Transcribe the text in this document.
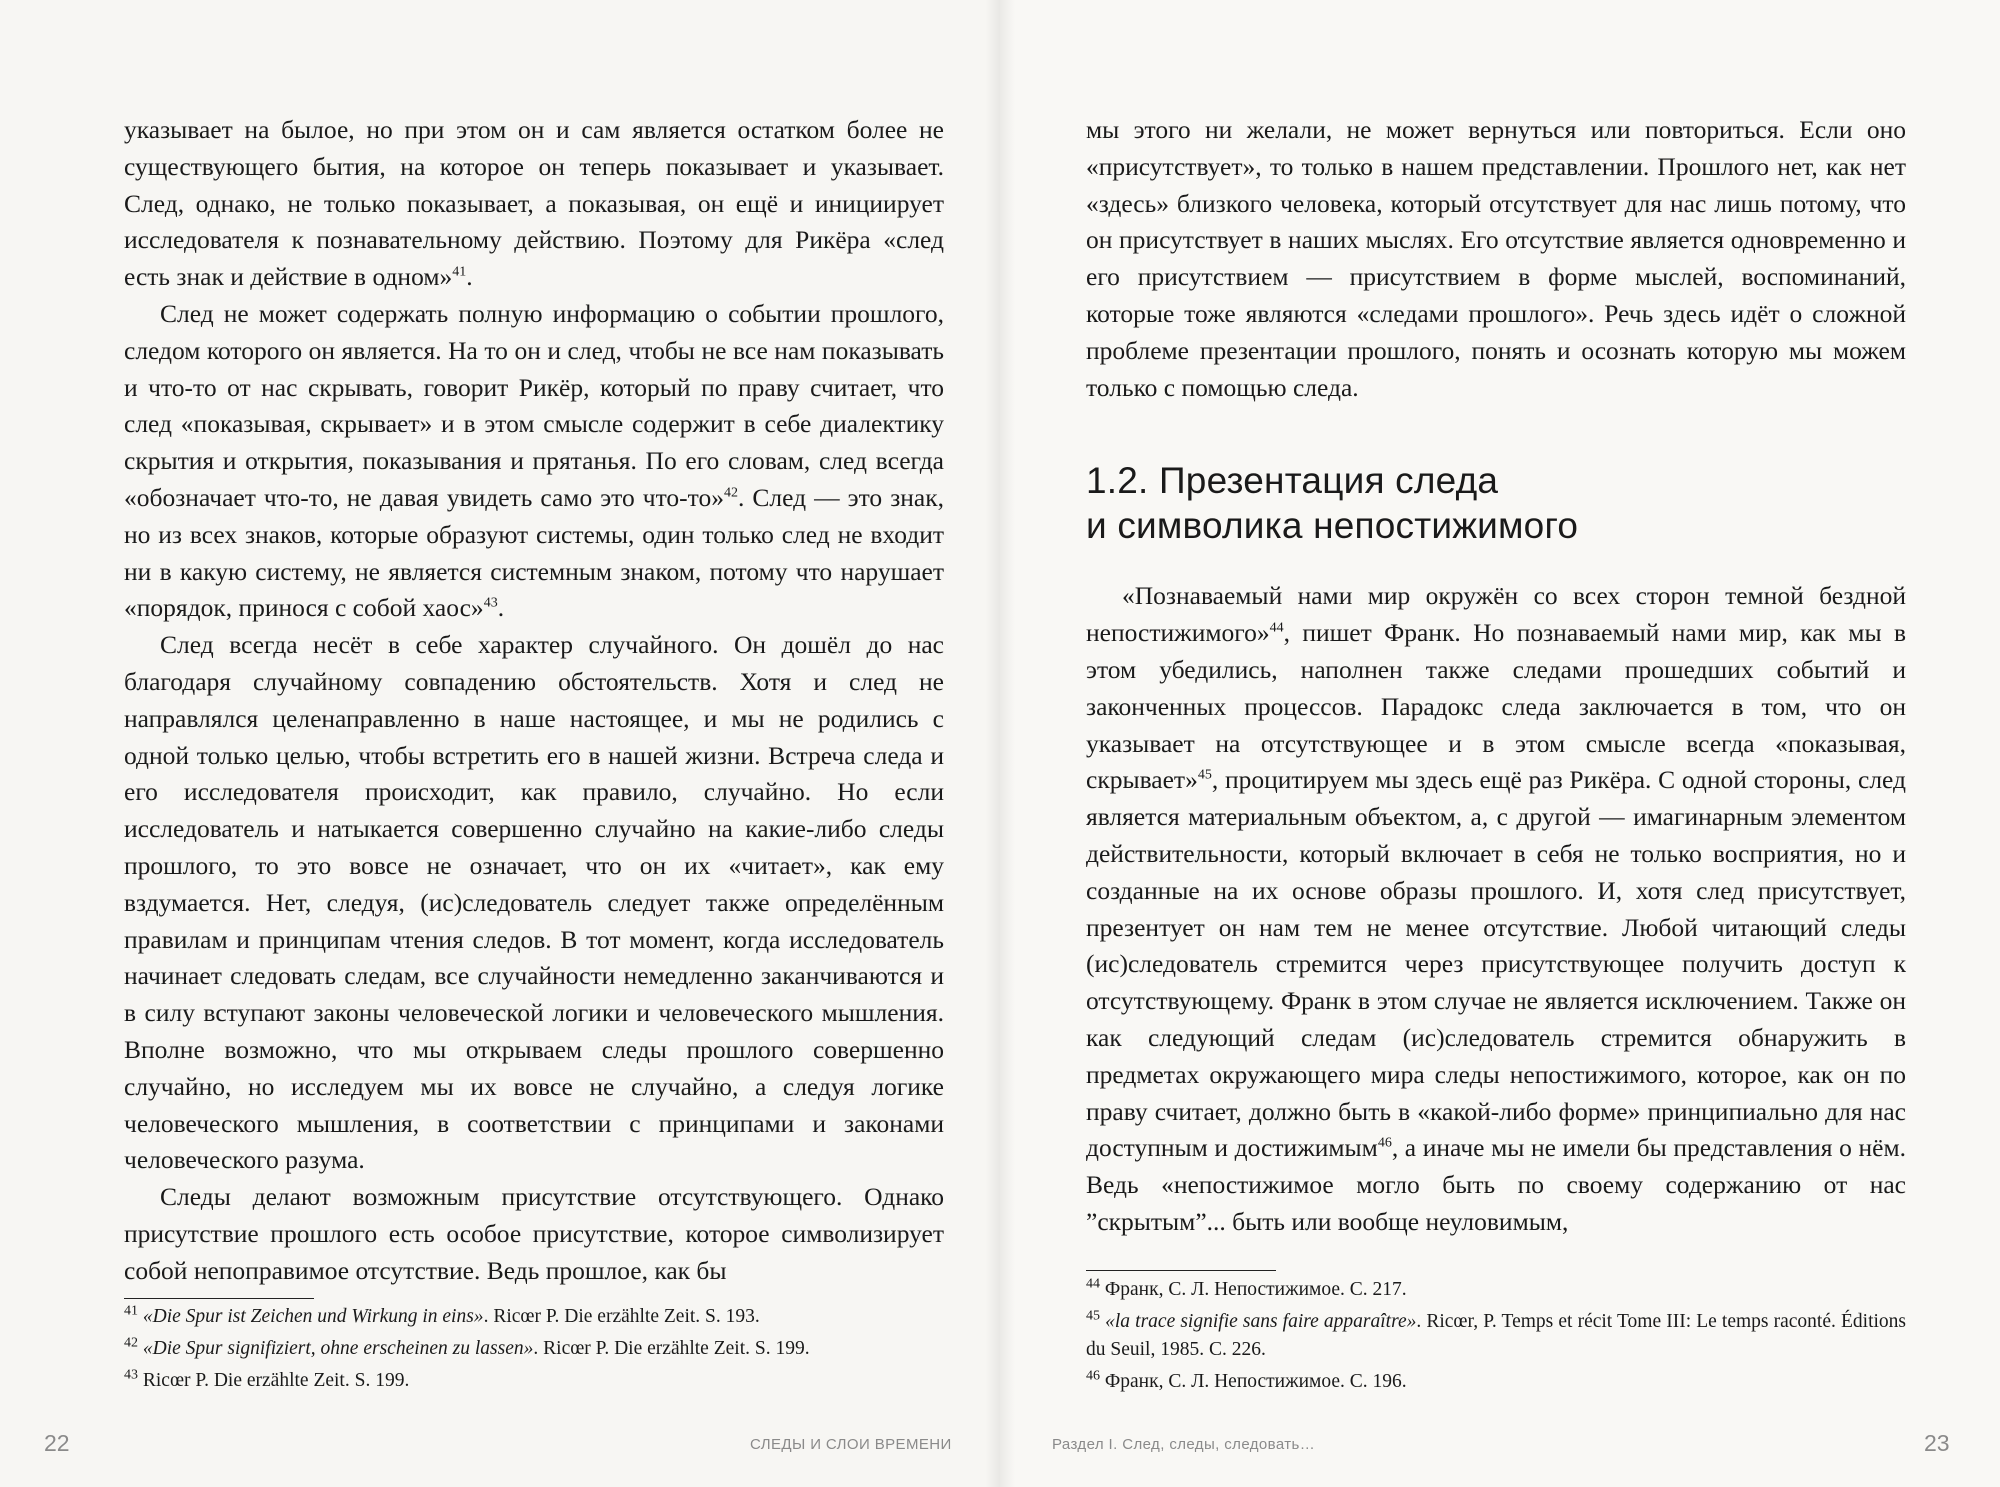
указывает на былое, но при этом он и сам является остатком более не существующего бытия, на которое он теперь показывает и указывает. След, однако, не только показывает, а показывая, он ещё и инициирует исследователя к познавательному действию. Поэтому для Рикёра «след есть знак и действие в одном»$^{41}$.

След не может содержать полную информацию о событии прошлого, следом которого он является. На то он и след, чтобы не все нам показывать и что-то от нас скрывать, говорит Рикёр, который по праву считает, что след «показывая, скрывает» и в этом смысле содержит в себе диалектику скрытия и открытия, показывания и прятанья. По его словам, след всегда «обозначает что-то, не давая увидеть само это что-то»$^{42}$. След — это знак, но из всех знаков, которые образуют системы, один только след не входит ни в какую систему, не является системным знаком, потому что нарушает «порядок, принося с собой хаос»$^{43}$.

След всегда несёт в себе характер случайного. Он дошёл до нас благодаря случайному совпадению обстоятельств. Хотя и след не направлялся целенаправленно в наше настоящее, и мы не родились с одной только целью, чтобы встретить его в нашей жизни. Встреча следа и его исследователя происходит, как правило, случайно. Но если исследователь и натыкается совершенно случайно на какие-либо следы прошлого, то это вовсе не означает, что он их «читает», как ему вздумается. Нет, следуя, (ис)следователь следует также определённым правилам и принципам чтения следов. В тот момент, когда исследователь начинает следовать следам, все случайности немедленно заканчиваются и в силу вступают законы человеческой логики и человеческого мышления. Вполне возможно, что мы открываем следы прошлого совершенно случайно, но исследуем мы их вовсе не случайно, а следуя логике человеческого мышления, в соответствии с принципами и законами человеческого разума.

Следы делают возможным присутствие отсутствующего. Однако присутствие прошлого есть особое присутствие, которое символизирует собой непоправимое отсутствие. Ведь прошлое, как бы

$^{41}$ «Die Spur ist Zeichen und Wirkung in eins». Ricœr P. Die erzählte Zeit. S. 193.
$^{42}$ «Die Spur signifiziert, ohne erscheinen zu lassen». Ricœr P. Die erzählte Zeit. S. 199.
$^{43}$ Ricœr P. Die erzählte Zeit. S. 199.
22	СЛЕДЫ И СЛОИ ВРЕМЕНИ

мы этого ни желали, не может вернуться или повториться. Если оно «присутствует», то только в нашем представлении. Прошлого нет, как нет «здесь» близкого человека, который отсутствует для нас лишь потому, что он присутствует в наших мыслях. Его отсутствие является одновременно и его присутствием — присутствием в форме мыслей, воспоминаний, которые тоже являются «следами прошлого». Речь здесь идёт о сложной проблеме презентации прошлого, понять и осознать которую мы можем только с помощью следа.

1.2. Презентация следа
и символика непостижимого

«Познаваемый нами мир окружён со всех сторон темной бездной непостижимого»$^{44}$, пишет Франк. Но познаваемый нами мир, как мы в этом убедились, наполнен также следами прошедших событий и законченных процессов. Парадокс следа заключается в том, что он указывает на отсутствующее и в этом смысле всегда «показывая, скрывает»$^{45}$, процитируем мы здесь ещё раз Рикёра. С одной стороны, след является материальным объектом, а, с другой — имагинарным элементом действительности, который включает в себя не только восприятия, но и созданные на их основе образы прошлого. И, хотя след присутствует, презентует он нам тем не менее отсутствие. Любой читающий следы (ис)следователь стремится через присутствующее получить доступ к отсутствующему. Франк в этом случае не является исключением. Также он как следующий следам (ис)следователь стремится обнаружить в предметах окружающего мира следы непостижимого, которое, как он по праву считает, должно быть в «какой-либо форме» принципиально для нас доступным и достижимым$^{46}$, а иначе мы не имели бы представления о нём. Ведь «непостижимое могло быть по своему содержанию от нас ”скрытым”... быть или вообще неуловимым,

$^{44}$ Франк, С. Л. Непостижимое. С. 217.
$^{45}$ «la trace signifie sans faire apparaître». Ricœr, P. Temps et récit Tome III: Le temps raconté. Éditions du Seuil, 1985. C. 226.
$^{46}$ Франк, С. Л. Непостижимое. С. 196.
Раздел I. След, следы, следовать…	23
